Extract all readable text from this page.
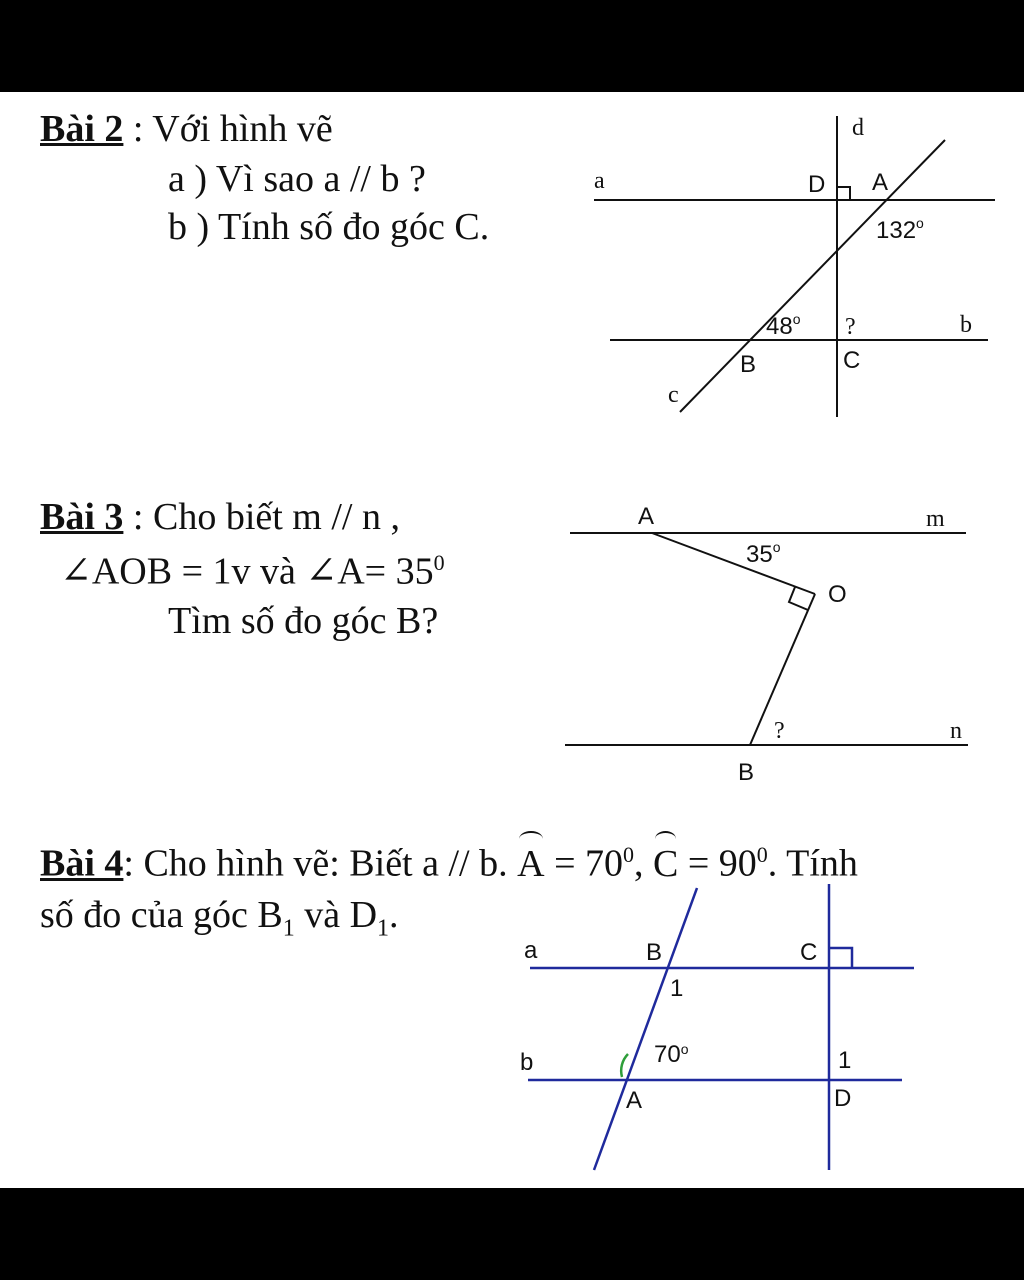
Bài 2 : Với hình vẽ
a ) Vì sao a // b ?
b ) Tính số đo góc C.
d
a	D A
132$^o$
48$^o$ ?	b
B	C
c
A	m
35$^o$
O
?	n
B
a	B	C
1
b	70$^o$	1
A	D
Bài 3 : Cho biết m // n ,
∠AOB = 1v và ∠A= $35^0$
Tìm số đo góc B?
Bài 4: Cho hình vẽ: Biết a // b. $A = 70^0$, $C = 90^0$. Tính
số đo của góc $B_1$ và $D_1$.
